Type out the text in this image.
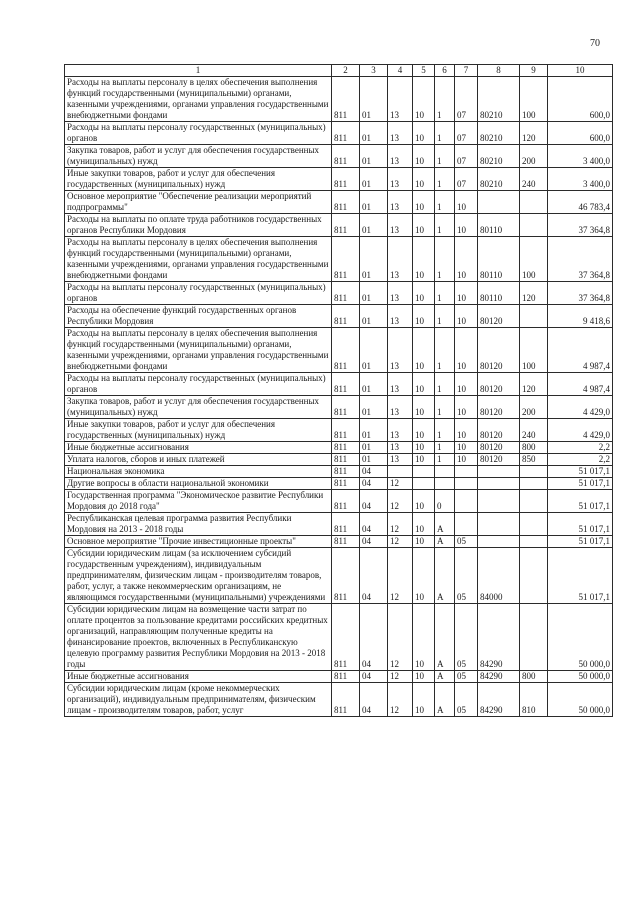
70
1	2	3	4	5	6	7	8	9	10
Расходы на выплаты персоналу в целях обеспечения выполнения функций государственными (муниципальными) органами, казенными учреждениями, органами управления государственными внебюджетными фондами	811	01	13	10	1	07	80210	100	600,0
Расходы на выплаты персоналу государственных (муниципальных) органов	811	01	13	10	1	07	80210	120	600,0
Закупка товаров, работ и услуг для обеспечения государственных (муниципальных) нужд	811	01	13	10	1	07	80210	200	3 400,0
Иные закупки товаров, работ и услуг для обеспечения государственных (муниципальных) нужд	811	01	13	10	1	07	80210	240	3 400,0
Основное мероприятие "Обеспечение реализации мероприятий подпрограммы"	811	01	13	10	1	10			46 783,4
Расходы на выплаты по оплате труда работников государственных органов Республики Мордовия	811	01	13	10	1	10	80110		37 364,8
Расходы на выплаты персоналу в целях обеспечения выполнения функций государственными (муниципальными) органами, казенными учреждениями, органами управления государственными внебюджетными фондами	811	01	13	10	1	10	80110	100	37 364,8
Расходы на выплаты персоналу государственных (муниципальных) органов	811	01	13	10	1	10	80110	120	37 364,8
Расходы на обеспечение функций государственных органов Республики Мордовия	811	01	13	10	1	10	80120		9 418,6
Расходы на выплаты персоналу в целях обеспечения выполнения функций государственными (муниципальными) органами, казенными учреждениями, органами управления государственными внебюджетными фондами	811	01	13	10	1	10	80120	100	4 987,4
Расходы на выплаты персоналу государственных (муниципальных) органов	811	01	13	10	1	10	80120	120	4 987,4
Закупка товаров, работ и услуг для обеспечения государственных (муниципальных) нужд	811	01	13	10	1	10	80120	200	4 429,0
Иные закупки товаров, работ и услуг для обеспечения государственных (муниципальных) нужд	811	01	13	10	1	10	80120	240	4 429,0
Иные бюджетные ассигнования	811	01	13	10	1	10	80120	800	2,2
Уплата налогов, сборов и иных платежей	811	01	13	10	1	10	80120	850	2,2
Национальная экономика	811	04							51 017,1
Другие вопросы в области национальной экономики	811	04	12						51 017,1
Государственная программа "Экономическое развитие Республики Мордовия до 2018 года"	811	04	12	10	0				51 017,1
Республиканская целевая программа развития Республики Мордовия на 2013 - 2018 годы	811	04	12	10	А				51 017,1
Основное мероприятие "Прочие инвестиционные проекты"	811	04	12	10	А	05			51 017,1
Субсидии юридическим лицам (за исключением субсидий государственным учреждениям), индивидуальным предпринимателям, физическим лицам - производителям товаров, работ, услуг, а также некоммерческим организациям, не являющимся государственными (муниципальными) учреждениями	811	04	12	10	А	05	84000		51 017,1
Субсидии юридическим лицам на возмещение части затрат по оплате процентов за пользование кредитами российских кредитных организаций, направляющим полученные кредиты на финансирование проектов, включенных в Республиканскую целевую программу развития Республики Мордовия на 2013 - 2018 годы	811	04	12	10	А	05	84290		50 000,0
Иные бюджетные ассигнования	811	04	12	10	А	05	84290	800	50 000,0
Субсидии юридическим лицам (кроме некоммерческих организаций), индивидуальным предпринимателям, физическим лицам - производителям товаров, работ, услуг	811	04	12	10	А	05	84290	810	50 000,0
